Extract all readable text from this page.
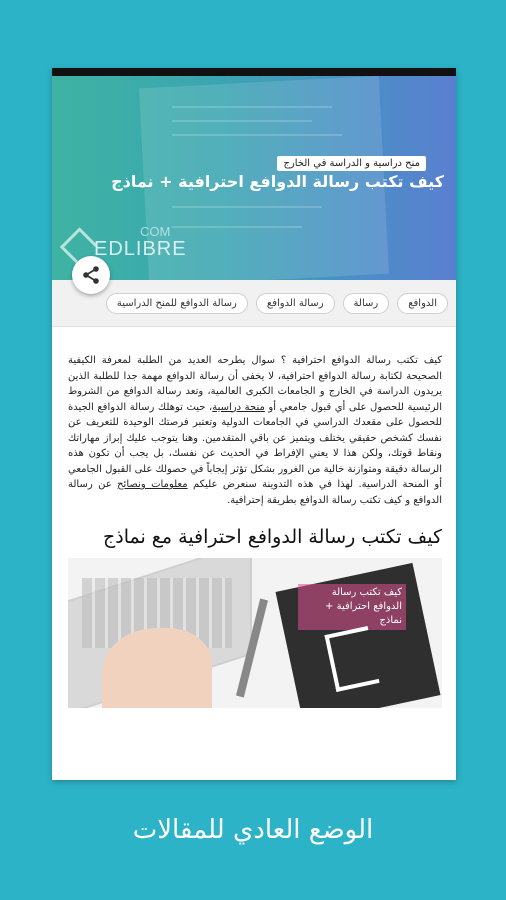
منح دراسية و الدراسة في الخارج
كيف تكتب رسالة الدوافع احترافية + نماذج
EDLIBRE
COM
الدوافع
رسالة
رسالة الدوافع
رسالة الدوافع للمنح الدراسية

كيف تكتب رسالة الدوافع احترافية ؟ سوال يطرحه العديد من الطلبة لمعرفة الكيفية الصحيحة لكتابة رسالة الدوافع احترافية، لا يخفى أن رسالة الدوافع مهمة جدا للطلبة الذين يريدون الدراسة في الخارج و الجامعات الكبرى العالمية، وتعد رسالة الدوافع من الشروط الرئيسية للحصول على أي قبول جامعي أو منحة دراسية، حيث توهلك رسالة الدوافع الجيدة للحصول على مقعدك الدراسي في الجامعات الدولية وتعتبر فرصتك الوحيدة للتعريف عن نفسك كشخص حقيقي يختلف ويتميز عن باقي المتقدمين. وهنا يتوجب عليك إبراز مهاراتك ونقاط قوتك، ولكن هذا لا يعني الإفراط في الحديث عن نفسك، بل يجب أن تكون هذه الرسالة دقيقة ومتوازنة خالية من الغرور بشكل تؤثر إيجاباً في حصولك على القبول الجامعي أو المنحة الدراسية. لهذا في هذه التدوينة سنعرض عليكم معلومات ونصائح عن رسالة الدوافع و كيف تكتب رسالة الدوافع بطريقة إحترافية.

كيف تكتب رسالة الدوافع احترافية مع نماذج
كيف تكتب رسالة الدوافع احترافية + نماذج
الوضع العادي للمقالات
